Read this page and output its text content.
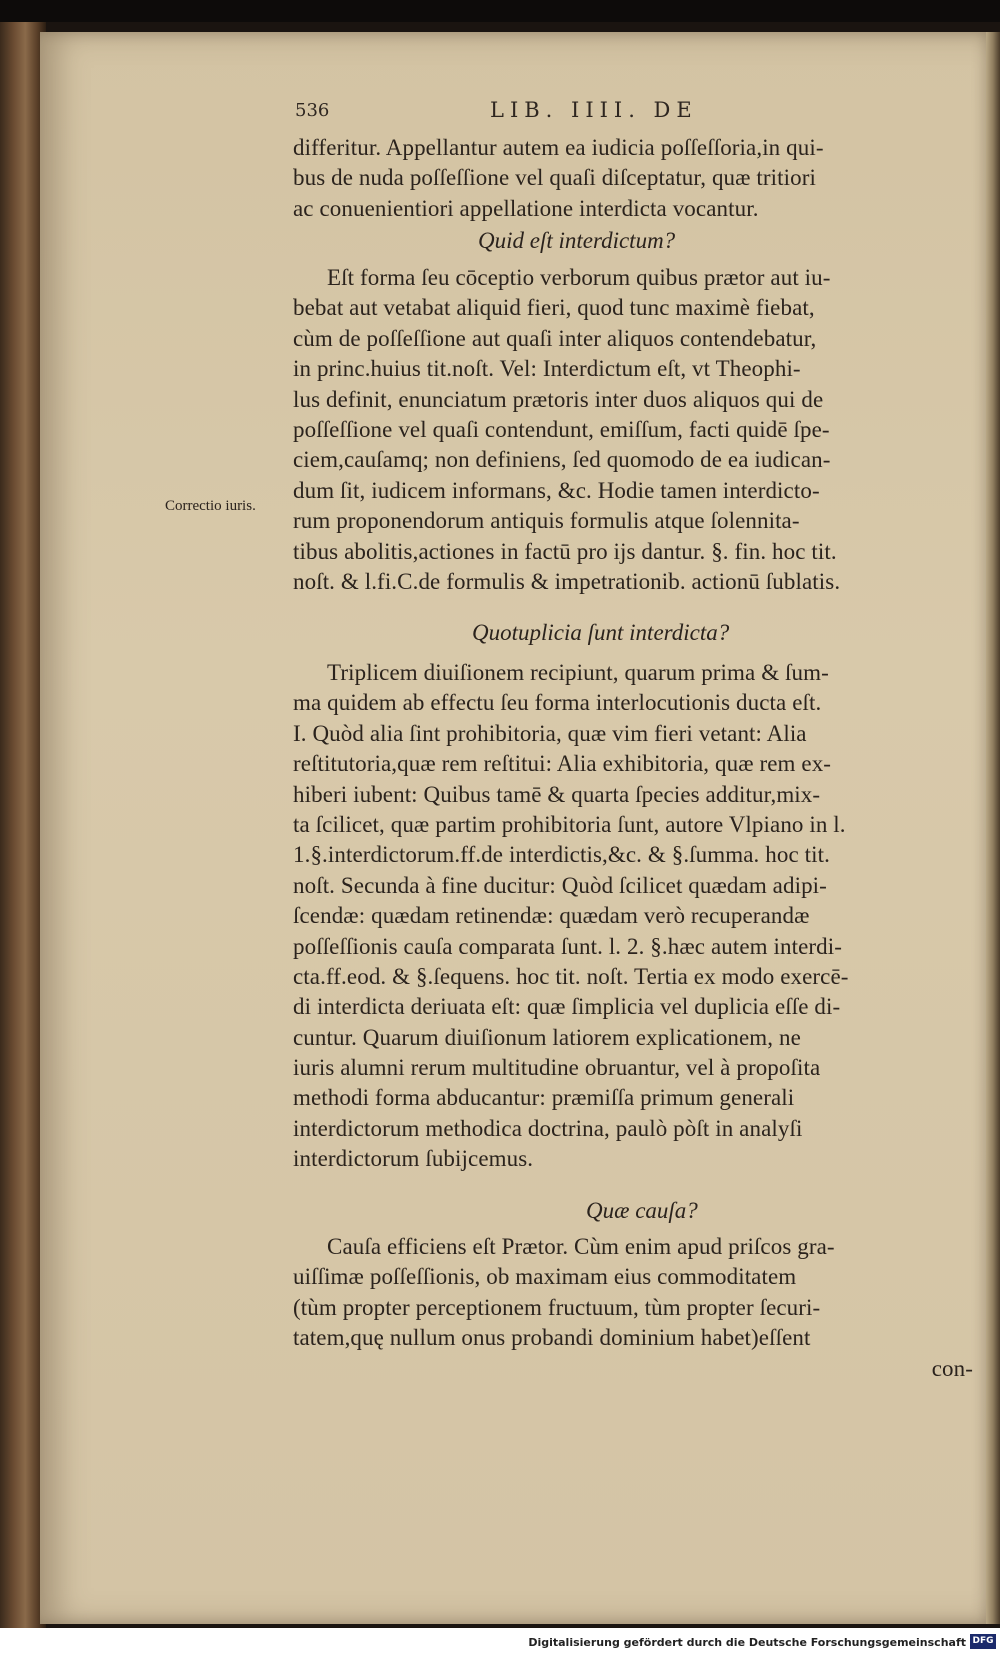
536	LIB. IIII. DE
Correctio iuris.
differitur. Appellantur autem ea iudicia poſſeſſoria,in qui-
bus de nuda poſſeſſione vel quaſi diſceptatur, quæ tritiori
ac conuenientiori appellatione interdicta vocantur.
Quid eſt interdictum?
Eſt forma ſeu cōceptio verborum quibus prætor aut iu-
bebat aut vetabat aliquid fieri, quod tunc maximè fiebat,
cùm de poſſeſſione aut quaſi inter aliquos contendebatur,
in princ.huius tit.noſt. Vel: Interdictum eſt, vt Theophi-
lus definit, enunciatum prætoris inter duos aliquos qui de
poſſeſſione vel quaſi contendunt, emiſſum, facti quidē ſpe-
ciem,cauſamq; non definiens, ſed quomodo de ea iudican-
dum ſit, iudicem informans, &c. Hodie tamen interdicto-
rum proponendorum antiquis formulis atque ſolennita-
tibus abolitis,actiones in factū pro ijs dantur. §. fin. hoc tit.
noſt. & l.fi.C.de formulis & impetrationib. actionū ſublatis.
Quotuplicia ſunt interdicta?
Triplicem diuiſionem recipiunt, quarum prima & ſum-
ma quidem ab effectu ſeu forma interlocutionis ducta eſt.
I. Quòd alia ſint prohibitoria, quæ vim fieri vetant: Alia
reſtitutoria,quæ rem reſtitui: Alia exhibitoria, quæ rem ex-
hiberi iubent: Quibus tamē & quarta ſpecies additur,mix-
ta ſcilicet, quæ partim prohibitoria ſunt, autore Vlpiano in l.
1.§.interdictorum.ff.de interdictis,&c. & §.ſumma. hoc tit.
noſt. Secunda à fine ducitur: Quòd ſcilicet quædam adipi-
ſcendæ: quædam retinendæ: quædam verò recuperandæ
poſſeſſionis cauſa comparata ſunt. l. 2. §.hæc autem interdi-
cta.ff.eod. & §.ſequens. hoc tit. noſt. Tertia ex modo exercē-
di interdicta deriuata eſt: quæ ſimplicia vel duplicia eſſe di-
cuntur. Quarum diuiſionum latiorem explicationem, ne
iuris alumni rerum multitudine obruantur, vel à propoſita
methodi forma abducantur: præmiſſa primum generali
interdictorum methodica doctrina, paulò pòſt in analyſi
interdictorum ſubijcemus.
Quæ cauſa?
Cauſa efficiens eſt Prætor. Cùm enim apud priſcos gra-
uiſſimæ poſſeſſionis, ob maximam eius commoditatem
(tùm propter perceptionem fructuum, tùm propter ſecuri-
tatem,quę nullum onus probandi dominium habet)eſſent
con-
Digitalisierung gefördert durch die Deutsche Forschungsgemeinschaft DFG
